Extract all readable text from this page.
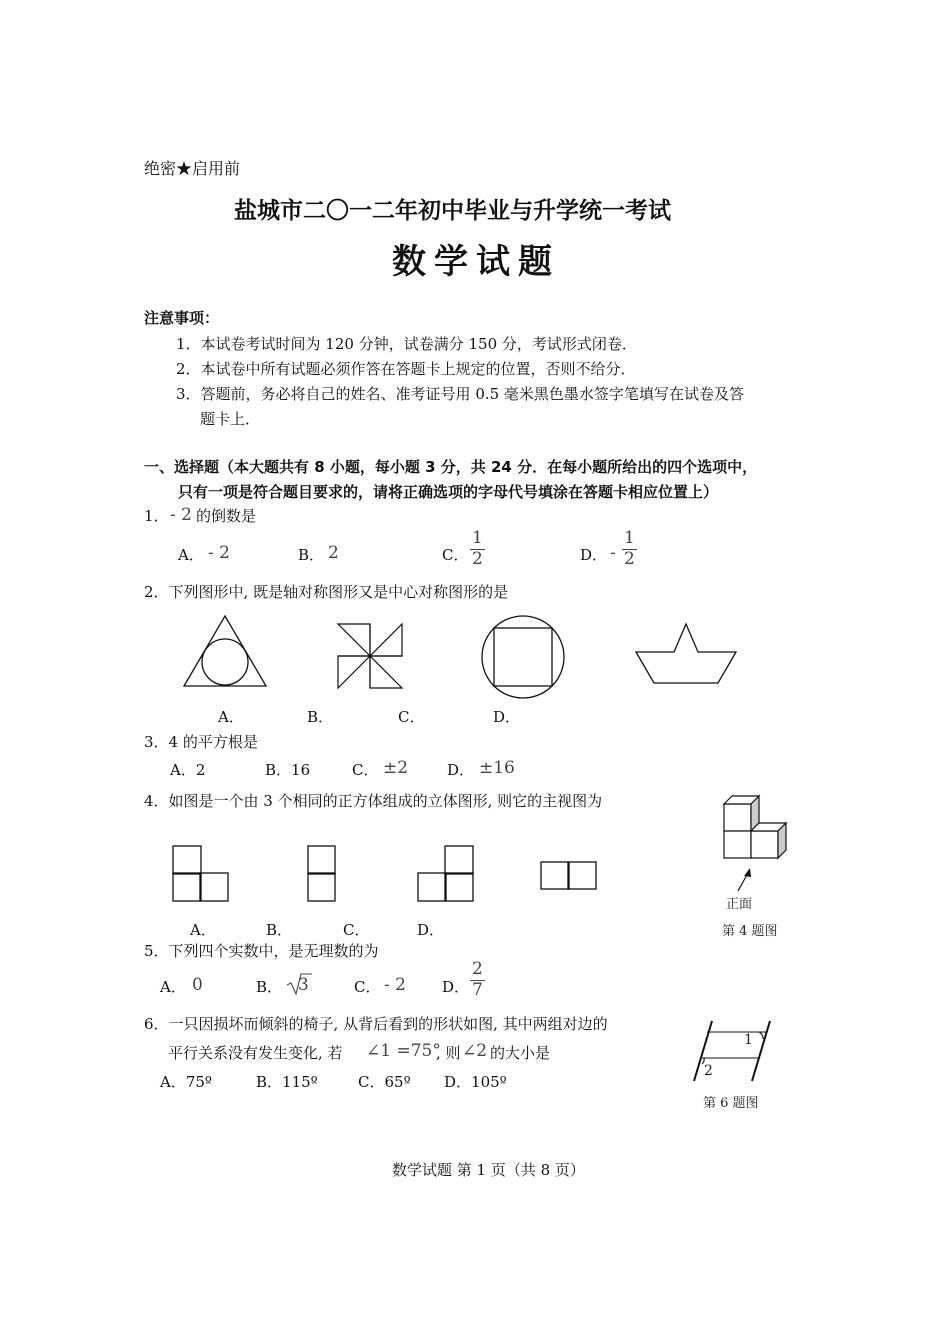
绝密★启用前
盐城市二〇一二年初中毕业与升学统一考试
数学试题
注意事项：
1．本试卷考试时间为 120 分钟，试卷满分 150 分，考试形式闭卷．
2．本试卷中所有试题必须作答在答题卡上规定的位置，否则不给分．
3．答题前，务必将自己的姓名、准考证号用 0.5 毫米黑色墨水签字笔填写在试卷及答
题卡上．
一、选择题（本大题共有 8 小题，每小题 3 分，共 24 分．在每小题所给出的四个选项中，
只有一项是符合题目要求的，请将正确选项的字母代号填涂在答题卡相应位置上）
1． - 2 的倒数是
A． - 2	B． 2	C． $\frac{1}{2}$	D． - $\frac{1}{2}$
2．下列图形中, 既是轴对称图形又是中心对称图形的是
A．	B．	C．	D．
3．4 的平方根是
A．2	B．16	C． ±2	D． ±16
4．如图是一个由 3 个相同的正方体组成的立体图形, 则它的主视图为
A．	B．	C．	D．
正面
第 4 题图
5．下列四个实数中，是无理数的为
A． 0	B． 3	C． - 2 D． $\frac{2}{7}$
6．一只因损坏而倾斜的椅子, 从背后看到的形状如图, 其中两组对边的
平行关系没有发生变化, 若 ∠1 =75°
, 则 ∠2 的大小是
A．75º	B．115º	C．65º D．105º
1
2
第 6 题图
数学试题 第 1 页（共 8 页）
